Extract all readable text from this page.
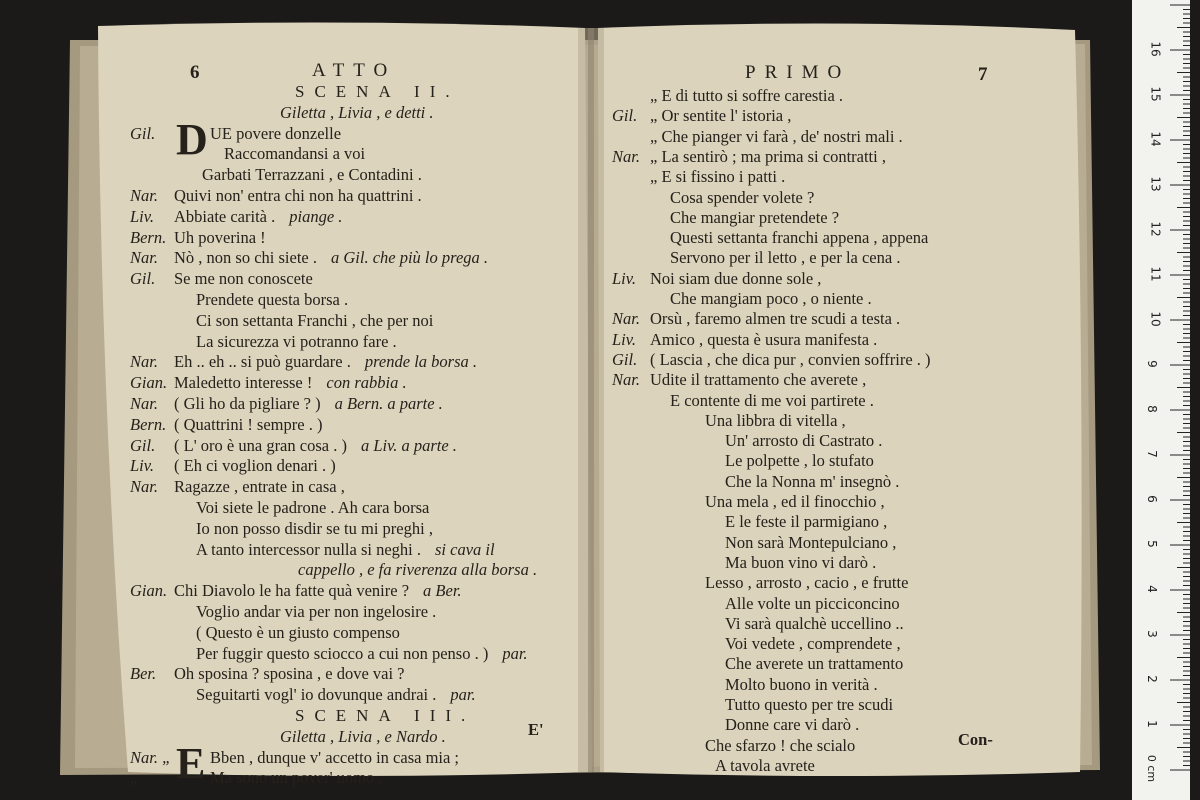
6	ATTO
SCENA II.
Giletta , Livia , e detti .
Gil. D UE povere donzelle
Raccomandansi a voi
Garbati Terrazzani , e Contadini .
Nar. Quivi non' entra chi non ha quattrini .
Liv. Abbiate carità . piange .
Bern. Uh poverina !
Nar. Nò , non so chi siete . a Gil. che più lo prega .
Gil. Se me non conoscete
Prendete questa borsa .
Ci son settanta Franchi , che per noi
La sicurezza vi potranno fare .
Nar. Eh .. eh .. si può guardare . prende la borsa .
Gian. Maledetto interesse ! con rabbia .
Nar. ( Gli ho da pigliare ? ) a Bern. a parte .
Bern. ( Quattrini ! sempre . )
Gil. ( L' oro è una gran cosa . ) a Liv. a parte .
Liv. ( Eh ci voglion denari . )
Nar. Ragazze , entrate in casa ,
Voi siete le padrone . Ah cara borsa
Io non posso disdir se tu mi preghi ,
A tanto intercessor nulla si neghi . si cava il
cappello , e fa riverenza alla borsa .
Gian. Chi Diavolo le ha fatte quà venire ? a Ber.
Voglio andar via per non ingelosire .
( Questo è un giusto compenso
Per fuggir questo sciocco a cui non penso . ) par.
Ber. Oh sposina ? sposina , e dove vai ?
Seguitarti vogl' io dovunque andrai . par.
SCENA III.
Giletta , Livia , e Nardo .
Nar. „ E Bben , dunque v' accetto in casa mia ;
„	Ma sono un pover' uomo ,
E'
PRIMO	7
„ E di tutto si soffre carestia .
Gil. „ Or sentite l' istoria ,
„ Che pianger vi farà , de' nostri mali .
Nar. „ La sentirò ; ma prima si contratti ,
„ E si fissino i patti .
Cosa spender volete ?
Che mangiar pretendete ?
Questi settanta franchi appena , appena
Servono per il letto , e per la cena .
Liv. Noi siam due donne sole ,
Che mangiam poco , o niente .
Nar. Orsù , faremo almen tre scudi a testa .
Liv. Amico , questa è usura manifesta .
Gil. ( Lascia , che dica pur , convien soffrire . )
Nar. Udite il trattamento che averete ,
E contente di me voi partirete .
Una libbra di vitella ,
Un' arrosto di Castrato .
Le polpette , lo stufato
Che la Nonna m' insegnò .
Una mela , ed il finocchio ,
E le feste il parmigiano ,
Non sarà Montepulciano ,
Ma buon vino vi darò .
Lesso , arrosto , cacio , e frutte
Alle volte un picciconcino
Vi sarà qualchè uccellino ..
Voi vedete , comprendete ,
Che averete un trattamento
Molto buono in verità .
Tutto questo per tre scudi
Donne care vi darò .
Che sfarzo ! che scialo
A tavola avrete
Con-
1
2
3
4
5
6
7
8
9
10
11
12
13
14
15
16
0 cm
